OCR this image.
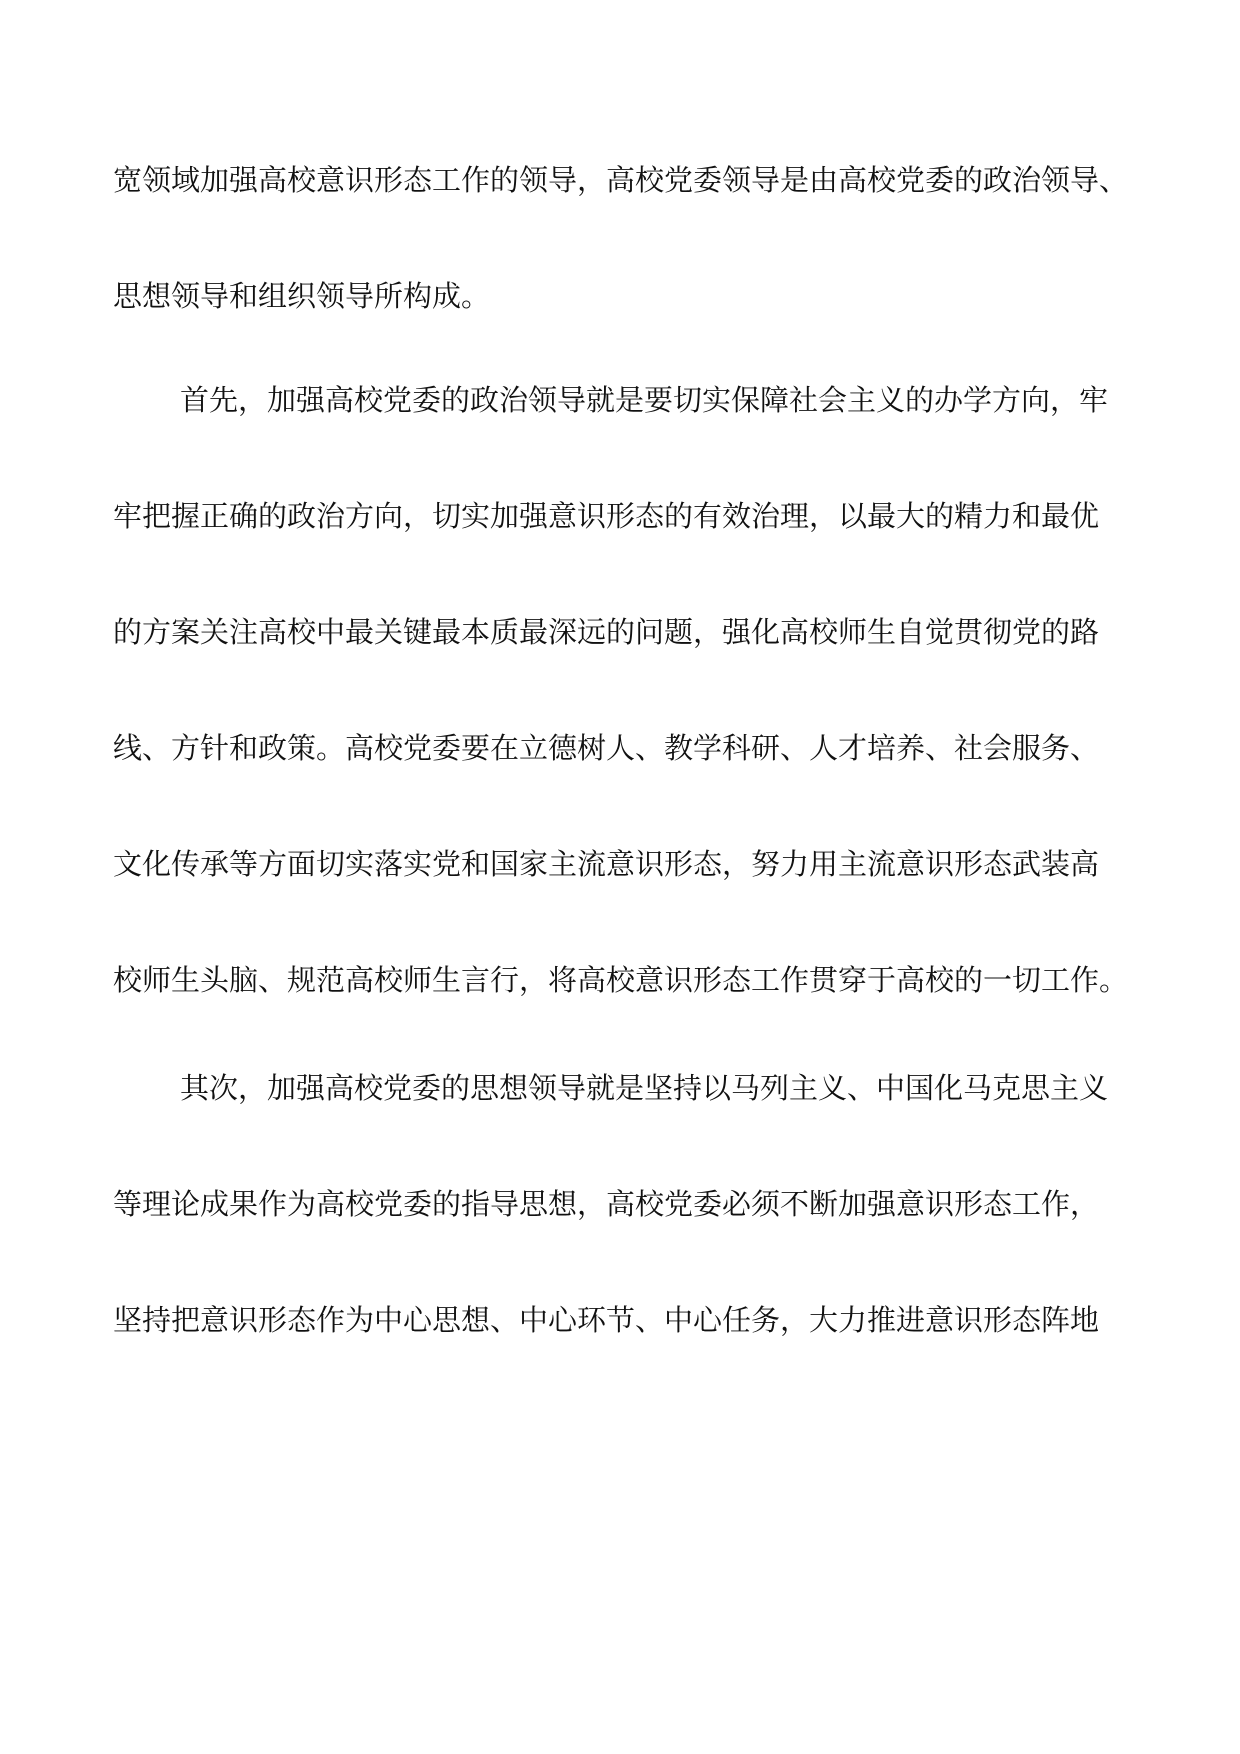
宽领域加强高校意识形态工作的领导，高校党委领导是由高校党委的政治领导、
思想领导和组织领导所构成。
首先，加强高校党委的政治领导就是要切实保障社会主义的办学方向，牢
牢把握正确的政治方向，切实加强意识形态的有效治理，以最大的精力和最优
的方案关注高校中最关键最本质最深远的问题，强化高校师生自觉贯彻党的路
线、方针和政策。高校党委要在立德树人、教学科研、人才培养、社会服务、
文化传承等方面切实落实党和国家主流意识形态，努力用主流意识形态武装高
校师生头脑、规范高校师生言行，将高校意识形态工作贯穿于高校的一切工作。
其次，加强高校党委的思想领导就是坚持以马列主义、中国化马克思主义
等理论成果作为高校党委的指导思想，高校党委必须不断加强意识形态工作，
坚持把意识形态作为中心思想、中心环节、中心任务，大力推进意识形态阵地
